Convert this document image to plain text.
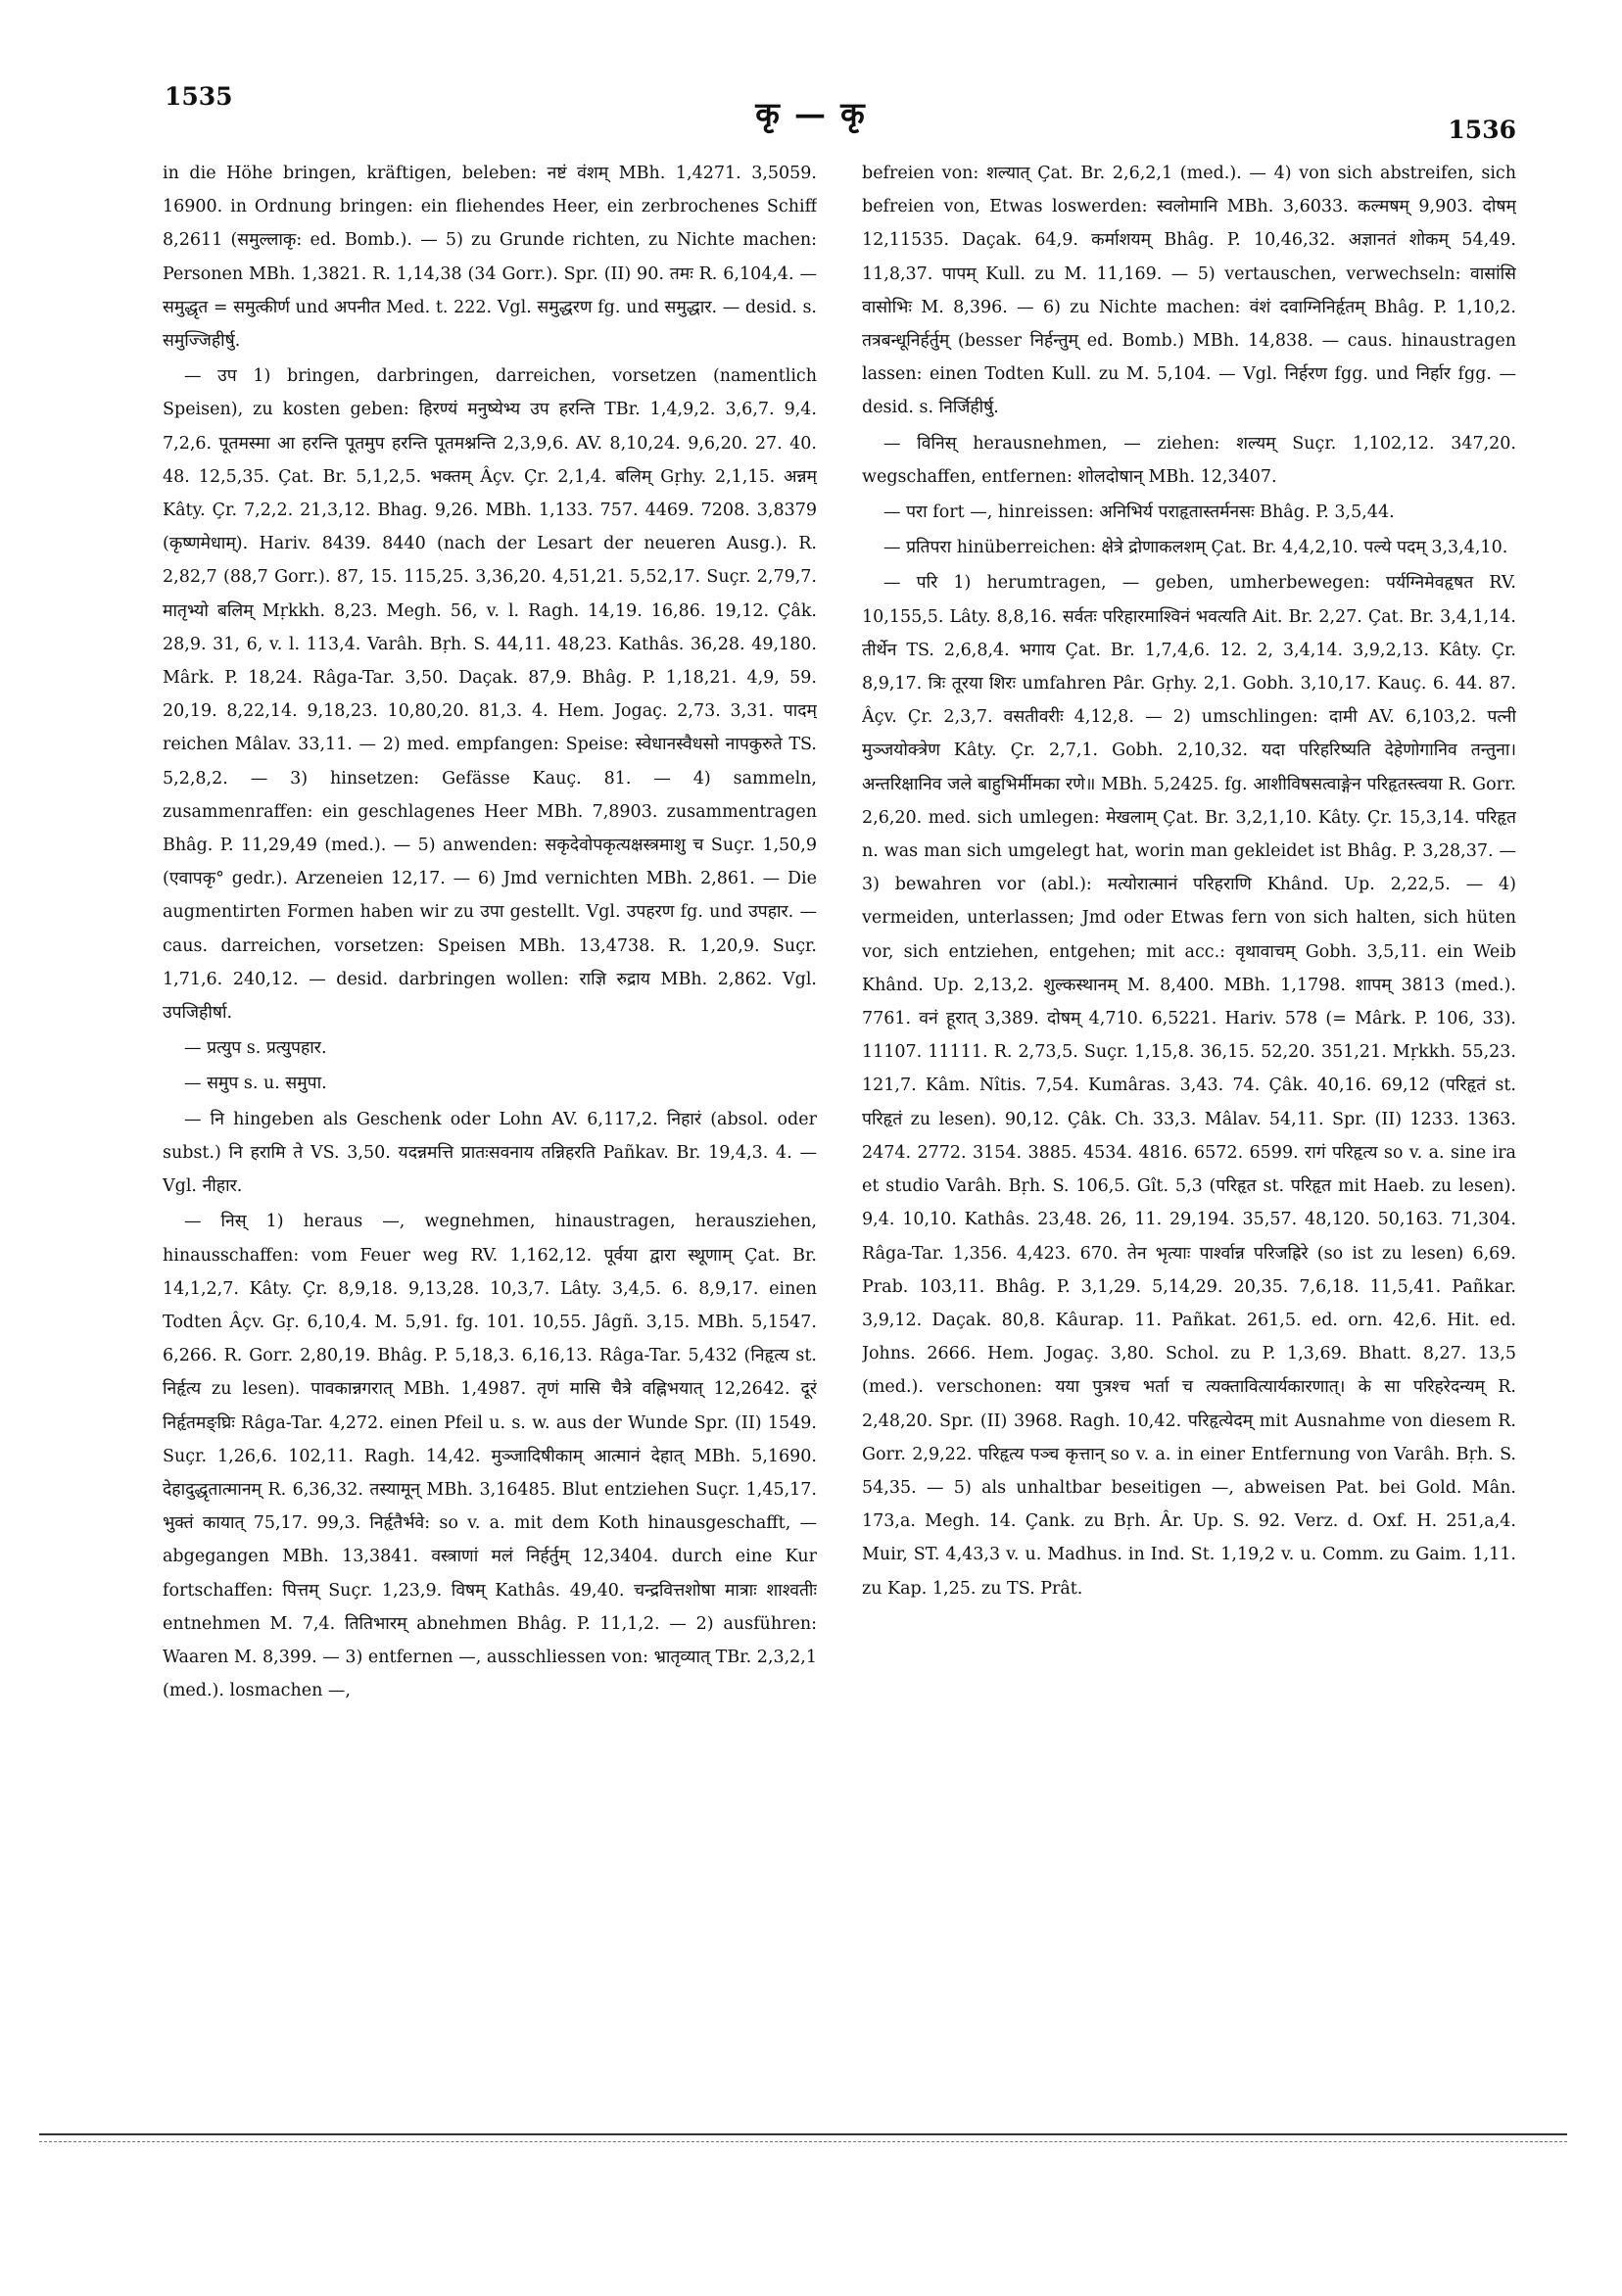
1535	कृ — कृ	1536

in die Höhe bringen, kräftigen, beleben: नष्टं वंशम् MBh. 1,4271. 3,5059. 16900. in Ordnung bringen: ein fliehendes Heer, ein zerbrochenes Schiff 8,2611 (समुल्लाकृ: ed. Bomb.). — 5) zu Grunde richten, zu Nichte machen: Personen MBh. 1,3821. R. 1,14,38 (34 Gorr.). Spr. (II) 90. तमः R. 6,104,4. — समुद्धृत = समुत्कीर्ण und अपनीत Med. t. 222. Vgl. समुद्धरण fg. und समुद्धार. — desid. s. समुज्जिहीर्षु.

— उप 1) bringen, darbringen, darreichen, vorsetzen (namentlich Speisen), zu kosten geben: हिरण्यं मनुष्येभ्य उप हरन्ति TBr. 1,4,9,2. 3,6,7. 9,4. 7,2,6. पूतमस्मा आ हरन्ति पूतमुप हरन्ति पूतमश्नन्ति 2,3,9,6. AV. 8,10,24. 9,6,20. 27. 40. 48. 12,5,35. Çat. Br. 5,1,2,5. भक्तम् Âçv. Çr. 2,1,4. बलिम् Gṛhy. 2,1,15. अन्नम् Kâty. Çr. 7,2,2. 21,3,12. Bhag. 9,26. MBh. 1,133. 757. 4469. 7208. 3,8379 (कृष्णमेधाम्). Hariv. 8439. 8440 (nach der Lesart der neueren Ausg.). R. 2,82,7 (88,7 Gorr.). 87, 15. 115,25. 3,36,20. 4,51,21. 5,52,17. Suçr. 2,79,7. मातृभ्यो बलिम् Mṛkkh. 8,23. Megh. 56, v. l. Ragh. 14,19. 16,86. 19,12. Çâk. 28,9. 31, 6, v. l. 113,4. Varâh. Bṛh. S. 44,11. 48,23. Kathâs. 36,28. 49,180. Mârk. P. 18,24. Râga-Tar. 3,50. Daçak. 87,9. Bhâg. P. 1,18,21. 4,9, 59. 20,19. 8,22,14. 9,18,23. 10,80,20. 81,3. 4. Hem. Jogaç. 2,73. 3,31. पादम् reichen Mâlav. 33,11. — 2) med. empfangen: Speise: स्वेधानस्वैधसो नापकुरुते TS. 5,2,8,2. — 3) hinsetzen: Gefässe Kauç. 81. — 4) sammeln, zusammenraffen: ein geschlagenes Heer MBh. 7,8903. zusammentragen Bhâg. P. 11,29,49 (med.). — 5) anwenden: सकृदेवोपकृत्यक्षस्त्रमाशु च Suçr. 1,50,9 (एवापकृ° gedr.). Arzeneien 12,17. — 6) Jmd vernichten MBh. 2,861. — Die augmentirten Formen haben wir zu उपा gestellt. Vgl. उपहरण fg. und उपहार. — caus. darreichen, vorsetzen: Speisen MBh. 13,4738. R. 1,20,9. Suçr. 1,71,6. 240,12. — desid. darbringen wollen: राज्ञि रुद्राय MBh. 2,862. Vgl. उपजिहीर्षा.

— प्रत्युप s. प्रत्युपहार.

— समुप s. u. समुपा.

— नि hingeben als Geschenk oder Lohn AV. 6,117,2. निहारं (absol. oder subst.) नि हरामि ते VS. 3,50. यदन्नमत्ति प्रातःसवनाय तन्निहरति Pañkav. Br. 19,4,3. 4. — Vgl. नीहार.

— निस् 1) heraus —, wegnehmen, hinaustragen, herausziehen, hinausschaffen: vom Feuer weg RV. 1,162,12. पूर्वया द्वारा स्थूणाम् Çat. Br. 14,1,2,7. Kâty. Çr. 8,9,18. 9,13,28. 10,3,7. Lâty. 3,4,5. 6. 8,9,17. einen Todten Âçv. Gṛ. 6,10,4. M. 5,91. fg. 101. 10,55. Jâgñ. 3,15. MBh. 5,1547. 6,266. R. Gorr. 2,80,19. Bhâg. P. 5,18,3. 6,16,13. Râga-Tar. 5,432 (निहृत्य st. निर्हृत्य zu lesen). पावकान्नगरात् MBh. 1,4987. तृणं मासि चैत्रे वह्निभयात् 12,2642. दूरं निर्हृतमङ्घ्रिः Râga-Tar. 4,272. einen Pfeil u. s. w. aus der Wunde Spr. (II) 1549. Suçr. 1,26,6. 102,11. Ragh. 14,42. मुञ्जादिषीकाम् आत्मानं देहात् MBh. 5,1690. देहादुद्धृतात्मानम् R. 6,36,32. तस्यामून् MBh. 3,16485. Blut entziehen Suçr. 1,45,17. भुक्तं कायात् 75,17. 99,3. निर्हृतैर्भवे: so v. a. mit dem Koth hinausgeschafft, — abgegangen MBh. 13,3841. वस्त्राणां मलं निर्हर्तुम् 12,3404. durch eine Kur fortschaffen: पित्तम् Suçr. 1,23,9. विषम् Kathâs. 49,40. चन्द्रवित्तशोषा मात्राः शाश्वतीः entnehmen M. 7,4. तितिभारम् abnehmen Bhâg. P. 11,1,2. — 2) ausführen: Waaren M. 8,399. — 3) entfernen —, ausschliessen von: भ्रातृव्यात् TBr. 2,3,2,1 (med.). losmachen —,

befreien von: शल्यात् Çat. Br. 2,6,2,1 (med.). — 4) von sich abstreifen, sich befreien von, Etwas loswerden: स्वलोमानि MBh. 3,6033. कल्मषम् 9,903. दोषम् 12,11535. Daçak. 64,9. कर्माशयम् Bhâg. P. 10,46,32. अज्ञानतं शोकम् 54,49. 11,8,37. पापम् Kull. zu M. 11,169. — 5) vertauschen, verwechseln: वासांसि वासोभिः M. 8,396. — 6) zu Nichte machen: वंशं दवाग्निनिर्हृतम् Bhâg. P. 1,10,2. तत्रबन्धूनिर्हर्तुम् (besser निर्हन्तुम् ed. Bomb.) MBh. 14,838. — caus. hinaustragen lassen: einen Todten Kull. zu M. 5,104. — Vgl. निर्हरण fgg. und निर्हार fgg. — desid. s. निर्जिहीर्षु.

— विनिस् herausnehmen, — ziehen: शल्यम् Suçr. 1,102,12. 347,20. wegschaffen, entfernen: शोलदोषान् MBh. 12,3407.

— परा fort —, hinreissen: अनिभिर्य पराहृतास्तर्मनसः Bhâg. P. 3,5,44.

— प्रतिपरा hinüberreichen: क्षेत्रे द्रोणाकलशम् Çat. Br. 4,4,2,10. पल्ये पदम् 3,3,4,10.

— परि 1) herumtragen, — geben, umherbewegen: पर्यग्निमेवहृषत RV. 10,155,5. Lâty. 8,8,16. सर्वतः परिहारमाश्विनं भवत्यति Ait. Br. 2,27. Çat. Br. 3,4,1,14. तीर्थेन TS. 2,6,8,4. भगाय Çat. Br. 1,7,4,6. 12. 2, 3,4,14. 3,9,2,13. Kâty. Çr. 8,9,17. त्रिः तूरया शिरः umfahren Pâr. Gṛhy. 2,1. Gobh. 3,10,17. Kauç. 6. 44. 87. Âçv. Çr. 2,3,7. वसतीवरीः 4,12,8. — 2) umschlingen: दामी AV. 6,103,2. पत्नी मुञ्जयोक्त्रेण Kâty. Çr. 2,7,1. Gobh. 2,10,32. यदा परिहरिष्यति देहेणोगानिव तन्तुना। अन्तरिक्षानिव जले बाहुभिर्मीमका रणे॥ MBh. 5,2425. fg. आशीविषसत्वाङ्गेन परिहृतस्त्वया R. Gorr. 2,6,20. med. sich umlegen: मेखलाम् Çat. Br. 3,2,1,10. Kâty. Çr. 15,3,14. परिहृत n. was man sich umgelegt hat, worin man gekleidet ist Bhâg. P. 3,28,37. — 3) bewahren vor (abl.): मत्योरात्मानं परिहराणि Khând. Up. 2,22,5. — 4) vermeiden, unterlassen; Jmd oder Etwas fern von sich halten, sich hüten vor, sich entziehen, entgehen; mit acc.: वृथावाचम् Gobh. 3,5,11. ein Weib Khând. Up. 2,13,2. शुल्कस्थानम् M. 8,400. MBh. 1,1798. शापम् 3813 (med.). 7761. वनं हूरात् 3,389. दोषम् 4,710. 6,5221. Hariv. 578 (= Mârk. P. 106, 33). 11107. 11111. R. 2,73,5. Suçr. 1,15,8. 36,15. 52,20. 351,21. Mṛkkh. 55,23. 121,7. Kâm. Nîtis. 7,54. Kumâras. 3,43. 74. Çâk. 40,16. 69,12 (परिहृतं st. परिहृतं zu lesen). 90,12. Çâk. Ch. 33,3. Mâlav. 54,11. Spr. (II) 1233. 1363. 2474. 2772. 3154. 3885. 4534. 4816. 6572. 6599. रागं परिहृत्य so v. a. sine ira et studio Varâh. Bṛh. S. 106,5. Gît. 5,3 (परिहृत st. परिहृत mit Haeb. zu lesen). 9,4. 10,10. Kathâs. 23,48. 26, 11. 29,194. 35,57. 48,120. 50,163. 71,304. Râga-Tar. 1,356. 4,423. 670. तेन भृत्याः पार्श्वान्न परिजह्रिरे (so ist zu lesen) 6,69. Prab. 103,11. Bhâg. P. 3,1,29. 5,14,29. 20,35. 7,6,18. 11,5,41. Pañkar. 3,9,12. Daçak. 80,8. Kâurap. 11. Pañkat. 261,5. ed. orn. 42,6. Hit. ed. Johns. 2666. Hem. Jogaç. 3,80. Schol. zu P. 1,3,69. Bhatt. 8,27. 13,5 (med.). verschonen: यया पुत्रश्च भर्ता च त्यक्तावित्यार्यकारणात्। के सा परिहरेदन्यम् R. 2,48,20. Spr. (II) 3968. Ragh. 10,42. परिहृत्येदम् mit Ausnahme von diesem R. Gorr. 2,9,22. परिहृत्य पञ्च कृत्तान् so v. a. in einer Entfernung von Varâh. Bṛh. S. 54,35. — 5) als unhaltbar beseitigen —, abweisen Pat. bei Gold. Mân. 173,a. Megh. 14. Çank. zu Bṛh. Âr. Up. S. 92. Verz. d. Oxf. H. 251,a,4. Muir, ST. 4,43,3 v. u. Madhus. in Ind. St. 1,19,2 v. u. Comm. zu Gaim. 1,11. zu Kap. 1,25. zu TS. Prât.
